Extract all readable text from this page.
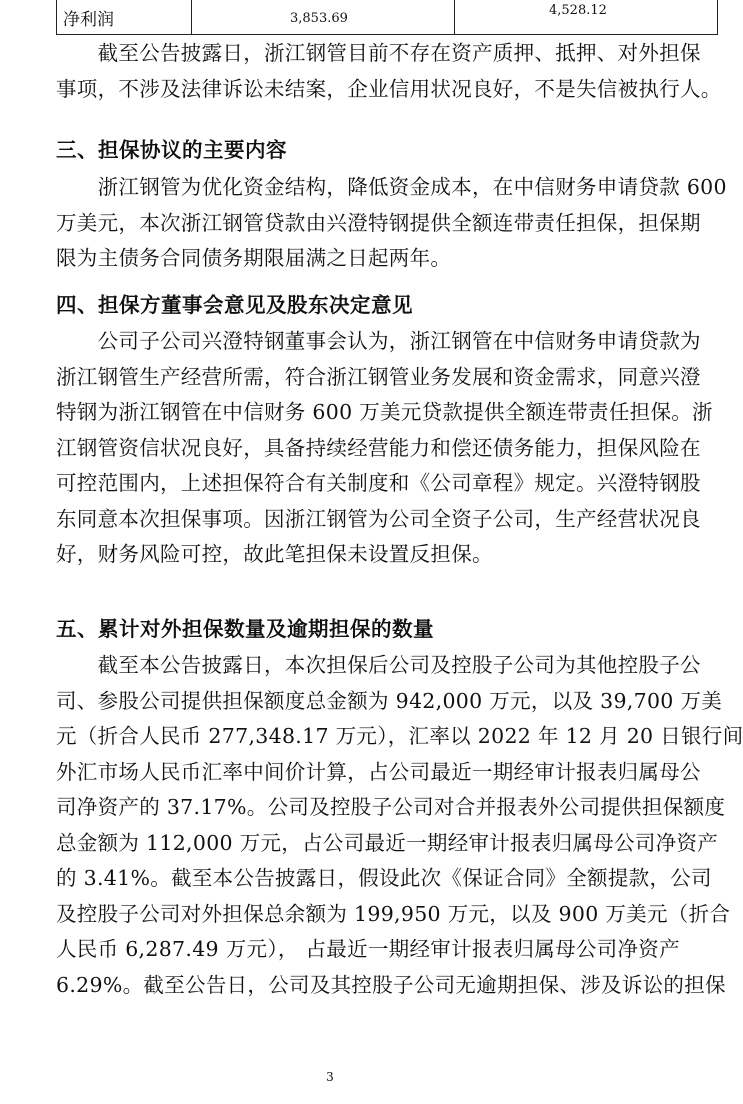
净利润	3,853.69	4,528.12
　　截至公告披露日，浙江钢管目前不存在资产质押、抵押、对外担保
事项，不涉及法律诉讼未结案，企业信用状况良好，不是失信被执行人。
三、担保协议的主要内容
　　浙江钢管为优化资金结构，降低资金成本，在中信财务申请贷款 600
万美元，本次浙江钢管贷款由兴澄特钢提供全额连带责任担保，担保期
限为主债务合同债务期限届满之日起两年。
四、担保方董事会意见及股东决定意见
　　公司子公司兴澄特钢董事会认为，浙江钢管在中信财务申请贷款为
浙江钢管生产经营所需，符合浙江钢管业务发展和资金需求，同意兴澄
特钢为浙江钢管在中信财务 600 万美元贷款提供全额连带责任担保。浙
江钢管资信状况良好，具备持续经营能力和偿还债务能力，担保风险在
可控范围内，上述担保符合有关制度和《公司章程》规定。兴澄特钢股
东同意本次担保事项。因浙江钢管为公司全资子公司，生产经营状况良
好，财务风险可控，故此笔担保未设置反担保。
五、累计对外担保数量及逾期担保的数量
　　截至本公告披露日，本次担保后公司及控股子公司为其他控股子公
司、参股公司提供担保额度总金额为 942,000 万元，以及 39,700 万美
元（折合人民币 277,348.17 万元），汇率以 2022 年 12 月 20 日银行间
外汇市场人民币汇率中间价计算，占公司最近一期经审计报表归属母公
司净资产的 37.17%。公司及控股子公司对合并报表外公司提供担保额度
总金额为 112,000 万元，占公司最近一期经审计报表归属母公司净资产
的 3.41%。截至本公告披露日，假设此次《保证合同》全额提款，公司
及控股子公司对外担保总余额为 199,950 万元，以及 900 万美元（折合
人民币 6,287.49 万元）， 占最近一期经审计报表归属母公司净资产
6.29%。截至公告日，公司及其控股子公司无逾期担保、涉及诉讼的担保
3
